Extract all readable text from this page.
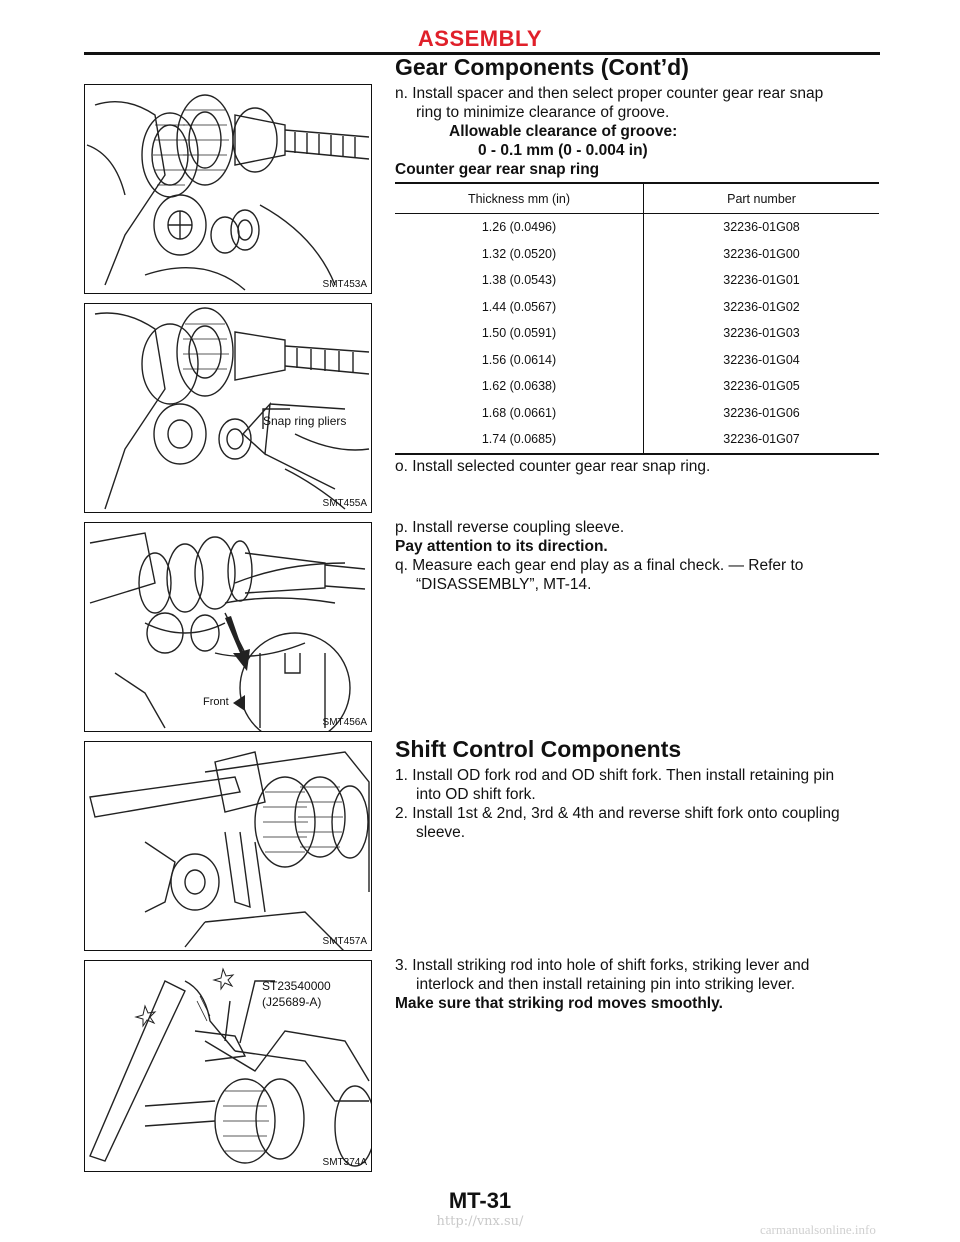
ASSEMBLY
Gear Components (Cont’d)
SMT453A
Snap ring pliers
SMT455A
Front
SMT456A
SMT457A
ST23540000
(J25689-A)
SMT374A
n. Install spacer and then select proper counter gear rear snap
ring to minimize clearance of groove.
Allowable clearance of groove:
0 - 0.1 mm (0 - 0.004 in)
Counter gear rear snap ring
Thickness mm (in)	Part number
1.26 (0.0496)	32236-01G08
1.32 (0.0520)	32236-01G00
1.38 (0.0543)	32236-01G01
1.44 (0.0567)	32236-01G02
1.50 (0.0591)	32236-01G03
1.56 (0.0614)	32236-01G04
1.62 (0.0638)	32236-01G05
1.68 (0.0661)	32236-01G06
1.74 (0.0685)	32236-01G07
o. Install selected counter gear rear snap ring.
p. Install reverse coupling sleeve.
Pay attention to its direction.
q. Measure each gear end play as a final check. — Refer to
“DISASSEMBLY”, MT-14.
Shift Control Components
1. Install OD fork rod and OD shift fork. Then install retaining pin
into OD shift fork.
2. Install 1st & 2nd, 3rd & 4th and reverse shift fork onto coupling
sleeve.
3. Install striking rod into hole of shift forks, striking lever and
interlock and then install retaining pin into striking lever.
Make sure that striking rod moves smoothly.
MT-31
http://vnx.su/
carmanualsonline.info
